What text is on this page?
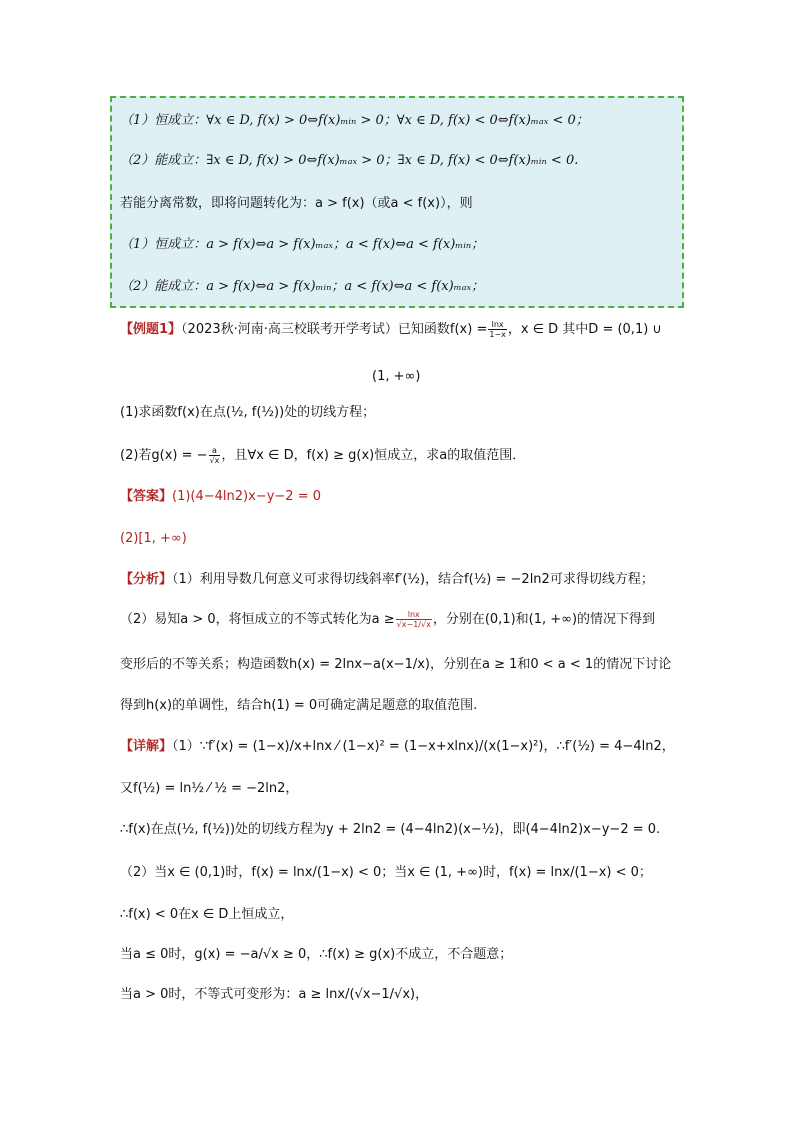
（1）恒成立：∀x ∈ D, f(x) > 0⇔f(x)ₘᵢₙ > 0；∀x ∈ D, f(x) < 0⇔f(x)ₘₐₓ < 0；
（2）能成立：∃x ∈ D, f(x) > 0⇔f(x)ₘₐₓ > 0；∃x ∈ D, f(x) < 0⇔f(x)ₘᵢₙ < 0.
若能分离常数，即将问题转化为：a > f(x)（或a < f(x)），则
（1）恒成立：a > f(x)⇔a > f(x)ₘₐₓ；a < f(x)⇔a < f(x)ₘᵢₙ；
（2）能成立：a > f(x)⇔a > f(x)ₘᵢₙ；a < f(x)⇔a < f(x)ₘₐₓ；
【例题1】（2023秋·河南·高三校联考开学考试）已知函数$f(x) = \frac{\ln x}{1-x}$ ，x ∈ D 其中D = (0,1) ∪
(1, +∞)
(1)求函数f(x)在点(½, f(½))处的切线方程；
(2)若g(x) = − $\frac{a}{√x}$ ，且∀x ∈ D，f(x) ≥ g(x)恒成立，求a的取值范围．
【答案】(1)(4−4ln2)x−y−2 = 0
(2)[1, +∞)
【分析】（1）利用导数几何意义可求得切线斜率f′(½)，结合f(½) = −2ln2可求得切线方程；
（2）易知a > 0，将恒成立的不等式转化为$a \ge \frac{\ln x}{√x-1/√x}$ ，分别在(0,1)和(1, +∞)的情况下得到
变形后的不等关系；构造函数h(x) = 2lnx−a(x−1/x)，分别在a ≥ 1和0 < a < 1的情况下讨论
得到h(x)的单调性，结合h(1) = 0可确定满足题意的取值范围.
【详解】（1）∵f′(x) = (1−x)/x+lnx ⁄ (1−x)² = (1−x+xlnx)/(x(1−x)²)，∴f′(½) = 4−4ln2，
又f(½) = ln½ ⁄ ½ = −2ln2，
∴f(x)在点(½, f(½))处的切线方程为y + 2ln2 = (4−4ln2)(x−½)，即(4−4ln2)x−y−2 = 0.
（2）当x ∈ (0,1)时，f(x) = lnx/(1−x) < 0；当x ∈ (1, +∞)时，f(x) = lnx/(1−x) < 0；
∴f(x) < 0在x ∈ D上恒成立，
当a ≤ 0时，g(x) = −a/√x ≥ 0，∴f(x) ≥ g(x)不成立，不合题意；
当a > 0时，不等式可变形为：a ≥ lnx/(√x−1/√x)，
